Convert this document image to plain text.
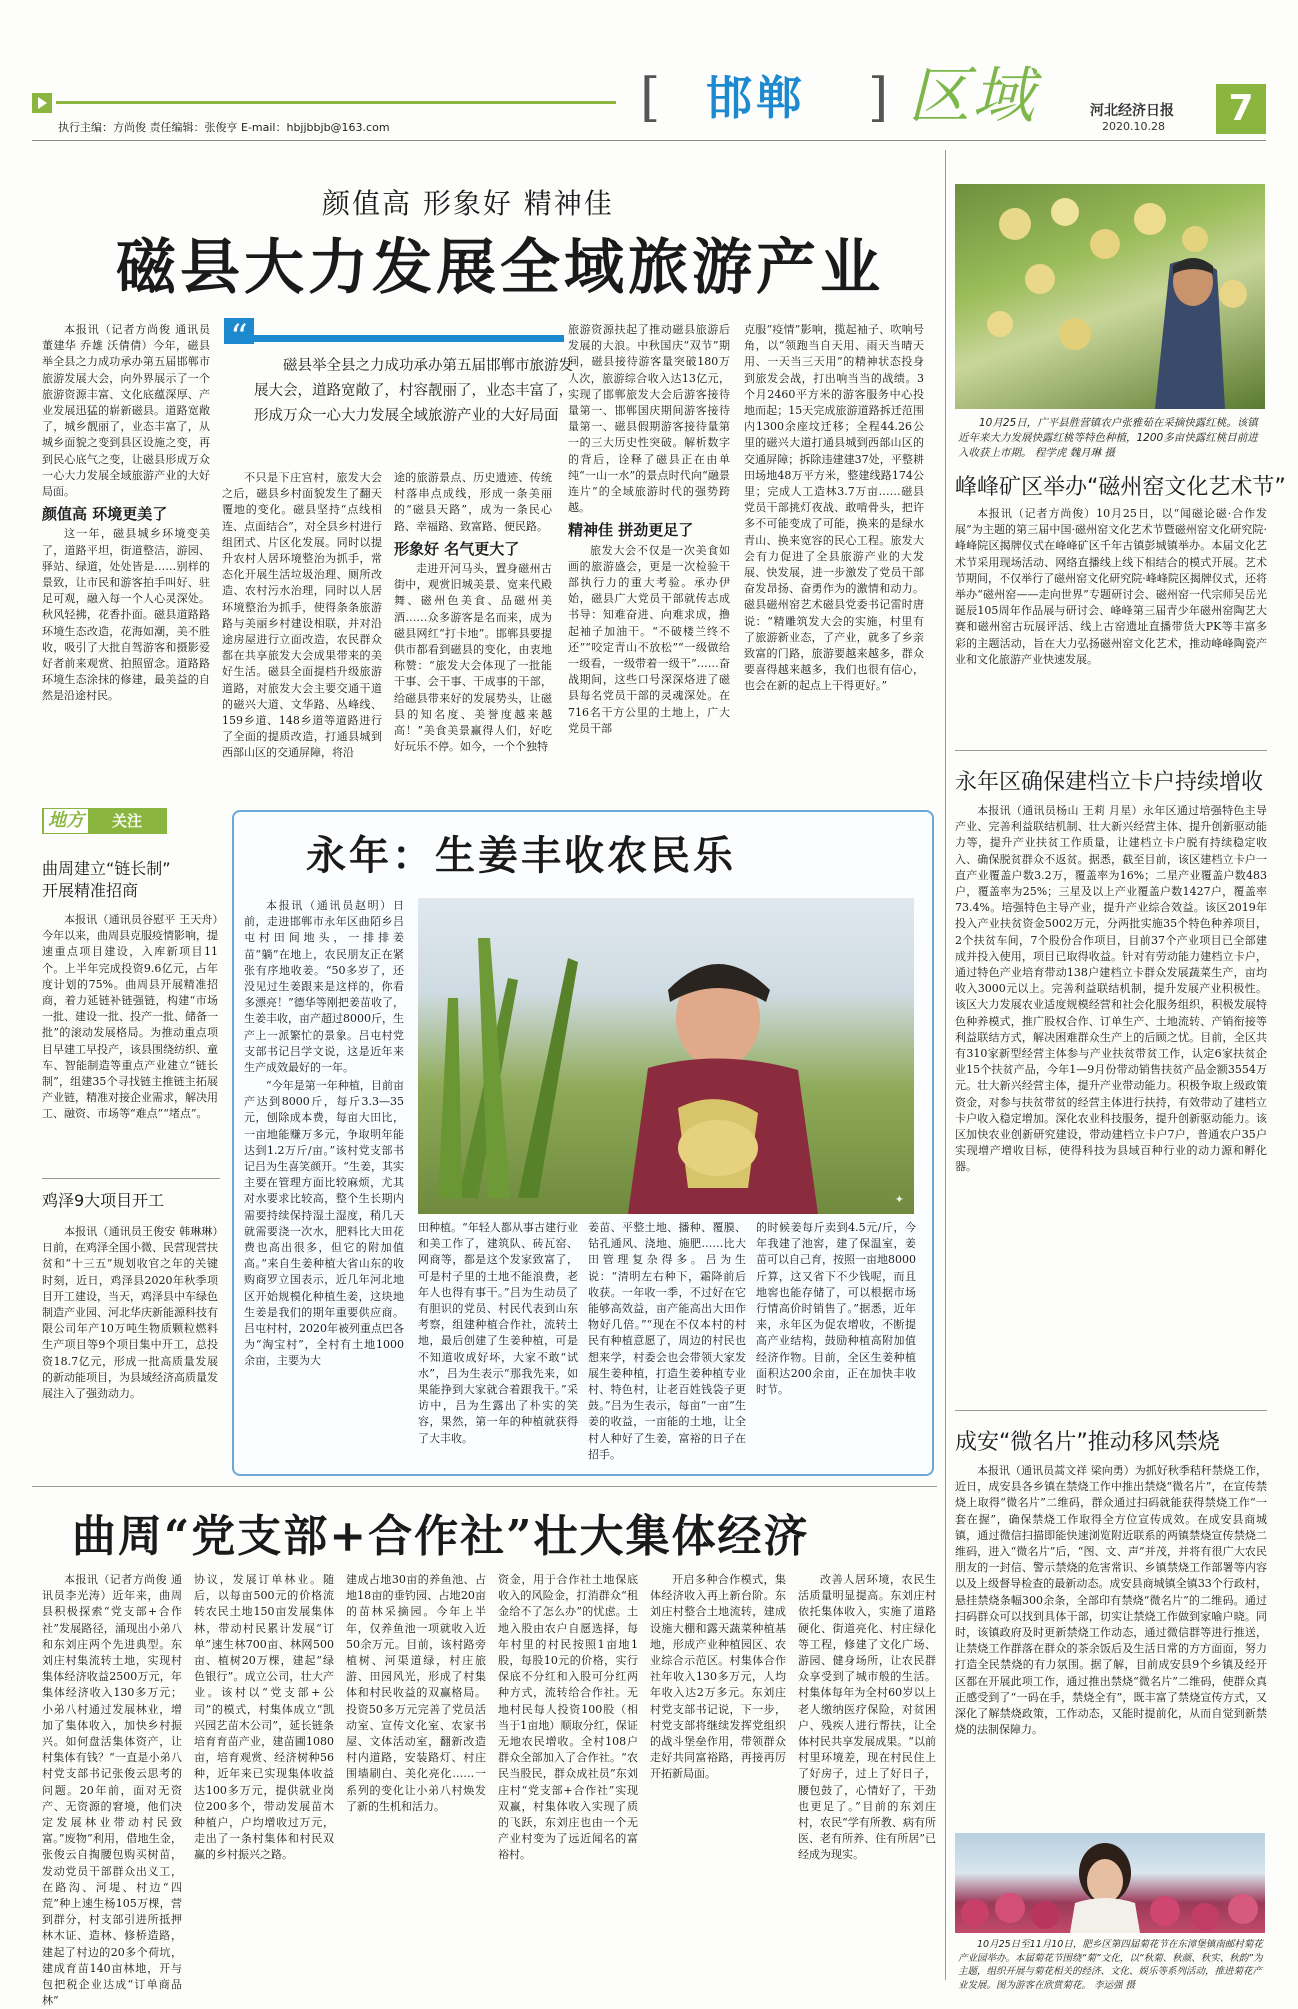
执行主编：方尚俊 责任编辑：张俊亨 E-mail：hbjjbbjb@163.com	[ 邯郸 ] 区域	河北经济日报
2020.10.28	7
颜值高 形象好 精神佳
磁县大力发展全域旅游产业
“
磁县举全县之力成功承办第五届邯郸市旅游发展大会，道路宽敞了，村容靓丽了，业态丰富了，形成万众一心大力发展全域旅游产业的大好局面

本报讯（记者方尚俊 通讯员 董建华 乔雄 沃倩倩）今年，磁县举全县之力成功承办第五届邯郸市旅游发展大会，向外界展示了一个旅游资源丰富、文化底蕴深厚、产业发展迅猛的崭新磁县。道路宽敞了，城乡靓丽了，业态丰富了，从城乡面貌之变到县区设施之变，再到民心底气之变，让磁县形成万众一心大力发展全域旅游产业的大好局面。

颜值高 环境更美了

这一年，磁县城乡环境变美了，道路平坦，街道整洁，游园、驿站、绿道，处处皆是……别样的景致，让市民和游客拍手叫好、驻足可观，融入每一个人心灵深处。秋风轻拂，花香扑面。磁县道路路环境生态改造，花海如潮，美不胜收，吸引了大批自驾游客和摄影爱好者前来观赏、拍照留念。道路路环境生态涂抹的修建，最美益的自然是沿途村民。

不只是下庄宫村，旅发大会之后，磁县乡村面貌发生了翻天覆地的变化。磁县坚持“点线相连、点面结合”，对全县乡村进行组团式、片区化发展。同时以提升农村人居环境整治为抓手，常态化开展生活垃圾治理、厕所改造、农村污水治理，同时以人居环境整治为抓手，使得条条旅游路与美丽乡村建设相联，并对沿途房屋进行立面改造，农民群众都在共享旅发大会成果带来的美好生活。磁县全面提档升级旅游道路，对旅发大会主要交通干道的磁兴大道、文华路、丛峰线、159乡道、148乡道等道路进行了全面的提质改造，打通县城到西部山区的交通屏障，将沿

途的旅游景点、历史遗迹、传统村落串点成线，形成一条美丽的“磁县天路”，成为一条民心路、幸福路、致富路、便民路。

形象好 名气更大了

走进开河马头，置身磁州古街中，观赏旧城美景、宽来代殿舞、磁州色美食、品磁州美酒……众多游客是名而来，成为磁县网红“打卡地”。邯郸县要提供市都看到磁县的变化，由衷地称赞：“旅发大会体现了一批能干事、会干事、干成事的干部，给磁县带来好的发展势头，让磁县的知名度、美誉度越来越高！”美食美景赢得人们，好吃好玩乐不停。如今，一个个独特

旅游资源扶起了推动磁县旅游后发展的大浪。中秋国庆“双节”期间，磁县接待游客量突破180万人次，旅游综合收入达13亿元，实现了邯郸旅发大会后游客接待量第一、邯郸国庆期间游客接待量第一、磁县假期游客接待量第一的三大历史性突破。解析数字的背后，诠释了磁县正在由单纯“一山一水”的景点时代向“融景连片”的全域旅游时代的强势跨越。

精神佳 拼劲更足了

旅发大会不仅是一次美食如画的旅游盛会，更是一次检验干部执行力的重大考验。承办伊始，磁县广大党员干部就传志成书导：知难奋进、向难求成，撸起袖子加油干。“不破楼兰终不还”“咬定青山不放松”“一级做给一级看，一级带着一级干”……奋战期间，这些口号深深烙进了磁县每名党员干部的灵魂深处。在716名干方公里的土地上，广大党员干部

克服“疫情”影响，揽起袖子、吹响号角，以“领跑当自天用、雨天当晴天用、一天当三天用”的精神状态投身到旅发会战，打出响当当的战绩。3个月2460平方米的游客服务中心投地而起；15天完成旅游道路拆迁范围内1300余座坟迁移；全程44.26公里的磁兴大道打通县城到西部山区的交通屏障；拆除违建建37处，平整耕田场地48万平方米，整建线路174公里；完成人工造林3.7万亩……磁县党员干部挑灯夜战、敢啃骨头，把许多不可能变成了可能，换来的是绿水青山、换来宽容的民心工程。旅发大会有力促进了全县旅游产业的大发展、快发展，进一步激发了党员干部奋发昂扬、奋勇作为的激情和动力。磁县磁州窑艺术磁县党委书记雷时唐说：“精雕筑发大会的实施，村里有了旅游新业态，了产业，就多了乡亲致富的门路，旅游要越来越多，群众要喜得越来越多，我们也很有信心，也会在新的起点上干得更好。”

10月25日，广平县胜营镇农户张雅茹在采摘快露红桃。该镇近年来大力发展快露红桃等特色种植，1200多亩快露红桃目前进入收获上市期。 程学虎 魏月琳 摄
峰峰矿区举办“磁州窑文化艺术节”

本报讯（记者方尚俊）10月25日，以“闻磁论磁·合作发展”为主题的第三届中国·磁州窑文化艺术节暨磁州窑文化研究院·峰峰院区揭牌仪式在峰峰矿区千年古镇彭城镇举办。本届文化艺术节采用现场活动、网络直播线上线下相结合的模式开展。艺术节期间，不仅举行了磁州窑文化研究院·峰峰院区揭牌仪式，还将举办“磁州窑——走向世界”专题研讨会、磁州窑一代宗师吴岳光诞辰105周年作品展与研讨会、峰峰第三届青少年磁州窑陶艺大赛和磁州窑古玩展评活、线上古窑遗址直播带货大PK等丰富多彩的主题活动，旨在大力弘扬磁州窑文化艺术，推动峰峰陶瓷产业和文化旅游产业快速发展。

永年区确保建档立卡户持续增收

本报讯（通讯员杨山 王莉 月星）永年区通过培强特色主导产业、完善利益联结机制、壮大新兴经营主体、提升创新驱动能力等，提升产业扶贫工作质量，让建档立卡户脱有持续稳定收入、确保脱贫群众不返贫。据悉，截至目前，该区建档立卡户一直产业覆盖户数3.2万，覆盖率为16%；二星产业覆盖户数483户，覆盖率为25%；三星及以上产业覆盖户数1427户，覆盖率73.4%。培强特色主导产业，提升产业综合效益。该区2019年投入产业扶贫资金5002万元，分两批实施35个特色种养项目，2个扶贫车间，7个股份合作项目，目前37个产业项目已全部建成并投入使用，项目已取得收益。针对有劳动能力建档立卡户，通过特色产业培育带动138户建档立卡群众发展蔬菜生产，亩均收入3000元以上。完善利益联结机制，提升发展产业积极性。该区大力发展农业适度规模经营和社会化服务组织，积极发展特色种养模式，推广股权合作、订单生产、土地流转、产销衔接等利益联结方式，解决困难群众生产上的后顾之忧。目前，全区共有310家新型经营主体参与产业扶贫带贫工作，认定6家扶贫企业15个扶贫产品，今年1—9月份带动销售扶贫产品金额3554万元。壮大新兴经营主体，提升产业带动能力。积极争取上级政策资金，对参与扶贫带贫的经营主体进行扶持，有效带动了建档立卡户收入稳定增加。深化农业科技服务，提升创新驱动能力。该区加快农业创新研究建设，带动建档立卡户7户，普通农户35户实现增产增收目标，使得科技为县域百种行业的动力源和孵化器。

成安“微名片”推动移风禁烧

本报讯（通讯员蒿文祥 梁向勇）为抓好秋季秸秆禁烧工作，近日，成安县各乡镇在禁烧工作中推出禁烧“微名片”，在宣传禁烧上取得“微名片”二维码，群众通过扫码就能获得禁烧工作“一套在握”，确保禁烧工作取得全方位宣传成效。在成安县商城镇，通过微信扫描即能快速浏览附近联系的两镇禁烧宣传禁烧二维码，进入“微名片”后，“图、文、声”并茂，并将有很广大农民朋友的一封信、警示禁烧的危害常识、乡镇禁烧工作部署等内容以及上级督导检查的最新动态。成安县商城镇全镇33个行政村，悬挂禁烧条幅300余条，全部印有禁烧“微名片”的二维码。通过扫码群众可以找到具体干部，切实让禁烧工作做到家喻户晓。同时，该镇政府及时更新禁烧工作动态，通过微信群等进行推送，让禁烧工作群落在群众的茶余饭后及生活日常的方方面面，努力打造全民禁烧的有力氛围。据了解，目前成安县9个乡镇及经开区都在开展此项工作，通过推出禁烧“微名片”二维码，使群众真正感受到了“一码在手，禁烧全有”，既丰富了禁烧宣传方式，又深化了解禁烧政策，工作动态，又能时提前化，从而自觉到新禁烧的法制保障力。

10月25日至11月10日，肥乡区第四届菊花节在东漳堡镇南邮村菊花产业园举办。本届菊花节围绕“菊”文化，以“秋菊、秋颜、秋实、秋韵”为主题，组织开展与菊花相关的经济、文化、娱乐等系列活动，推进菊花产业发展。图为游客在欣赏菊花。 李运强 摄
地方 关注
曲周建立“链长制”
开展精准招商

本报讯（通讯员谷慰平 王天舟）今年以来，曲周县克服疫情影响，提速重点项目建设，入库新项目11个。上半年完成投资9.6亿元，占年度计划的75%。曲周县开展精准招商，着力延链补链强链，构建“市场一批、建设一批、投产一批、储备一批”的滚动发展格局。为推动重点项目早建工早投产，该县围绕纺织、童车、智能制造等重点产业建立“链长制”，组建35个寻找链主推链主拓展产业链，精准对接企业需求，解决用工、融资、市场等“难点”“堵点”。

鸡泽9大项目开工

本报讯（通讯员王俊安 韩琳琳）日前，在鸡泽全国小微、民营现营扶贫和“十三五”规划收官之年的关键时刻，近日，鸡泽县2020年秋季项目开工建设，当天，鸡泽县中车绿色制造产业园、河北华庆新能源科技有限公司年产10万吨生物质颗粒燃料生产项目等9个项目集中开工，总投资18.7亿元，形成一批高质量发展的新动能项目，为县域经济高质量发展注入了强劲动力。

永年：生姜丰收农民乐

本报讯（通讯员赵明）日前，走进邯郸市永年区曲陌乡吕屯村田间地头，一排排姜苗“躺”在地上，农民朋友正在紧张有序地收姜。“50多岁了，还没见过生姜跟来是这样的，你看多漂亮！”德华等刚把姜苗收了，生姜丰收，亩产超过8000斤，生产上一派繁忙的景象。吕屯村党支部书记吕学文说，这是近年来生产成效最好的一年。

✦

“今年是第一年种植，目前亩产达到8000斤，每斤3.3—35元，刨除成本费，每亩大田比，一亩地能赚万多元，争取明年能达到1.2万斤/亩。”该村党支部书记吕为生喜笑颜开。“生姜，其实主要在管理方面比较麻烦，尤其对水要求比较高，整个生长期内需要持续保持湿土湿度，稍几天就需要浇一次水，肥料比大田花费也高出很多，但它的附加值高。”来自生姜种植大省山东的收购商罗立国表示，近几年河北地区开始规模化种植生姜，这块地生姜是我们的期年重要供应商。吕屯村村，2020年被列重点巴各为“淘宝村”，全村有土地1000余亩，主要为大

田种植。“年轻人都从事古建行业和美工作了，建筑队、砖瓦窑、网商等，都是这个发家致富了，可是村子里的土地不能浪费，老年人也得有事干。”吕为生动员了有胆识的党员、村民代表到山东考察，组建种植合作社，流转土地，最后创建了生姜种植，可是不知道收成好坏，大家不敢“试水”，吕为生表示“那我先来，如果能挣到大家就合着跟我干。”采访中，吕为生露出了朴实的笑容，果然，第一年的种植就获得了大丰收。

姜苗、平整土地、播种、覆膜、钻孔通风、浇地、施肥……比大田管理复杂得多。吕为生说：“清明左右种下，霜降前后收获。一年收一季，不过好在它能够高效益，亩产能高出大田作物好几倍。”“现在不仅本村的村民有种植意愿了，周边的村民也想来学，村委会也会带领大家发展生姜种植，打造生姜种植专业村、特色村，让老百姓钱袋子更鼓。”吕为生表示，每亩“一亩”生姜的收益，一亩能的土地，让全村人种好了生姜，富裕的日子在招手。

的时候姜每斤卖到4.5元/斤，今年我建了池窖，建了保温室，姜苗可以自己育，按照一亩地8000斤算，这又省下不少钱呢，而且地窖也能存储了，可以根据市场行情高价时销售了。”据悉，近年来，永年区为促农增收，不断提高产业结构，鼓励种植高附加值经济作物。目前，全区生姜种植面积达200余亩，正在加快丰收时节。

曲周“党支部+合作社”壮大集体经济

本报讯（记者方尚俊 通讯员李光涛）近年来，曲周县积极探索“党支部+合作社”发展路径，涌现出小弟八和东刘庄两个先进典型。东刘庄村集流转土地，实现村集体经济收益2500万元，年集体经济收入130多万元；小弟八村通过发展林业，增加了集体收入，加快乡村振兴。如何盘活集体资产，让村集体有钱？“一直是小弟八村党支部书记张俊云思考的问题。20年前，面对无资产、无资源的窘境，他们决定发展林业带动村民致富。”废物”利用，借地生金，张俊云自掏腰包购买树苗，发动党员干部群众出义工，在路沟、河堤、村边“四荒”种上速生杨105万棵，营到群分，村支部引进所抵押林木证、造林、修桥造路，建起了村边的20多个荷坑，建成育苗140亩林地，开与包把税企业达成“订单商品林”

协议，发展订单林业。随后，以每亩500元的价格流转农民土地150亩发展集体林，带动村民累计发展“订单”速生林700亩、林网500亩、植树20万棵，建起“绿色银行”。成立公司，壮大产业。该村以“党支部+公司”的模式，村集体成立“凯兴园艺苗木公司”，延长链条培育育苗产业，建苗圃1080亩，培育观赏、经济树种56种，近年来已实现集体收益达100多万元，提供就业岗位200多个，带动发展苗木种植户，户均增收过万元，走出了一条村集体和村民双赢的乡村振兴之路。

建成占地30亩的养鱼池、占地18亩的垂钓园、占地20亩的苗林采摘园。今年上半年，仅养鱼池一项就收入近50余万元。目前，该村路旁植树、河渠道绿，村庄旅游、田园风光，形成了村集体和村民收益的双赢格局。投资50多万元完善了党员活动室、宣传文化室、农家书屋、文体活动室，翻新改造村内道路，安装路灯、村庄围墙刷白、美化亮化……一系列的变化让小弟八村焕发了新的生机和活力。

资金，用于合作社土地保底收入的风险金，打消群众“租金给不了怎么办”的忧虑。土地入股由农户自愿选择，每年村里的村民按照1亩地1股，每股10元的价格，实行保底不分红和入股可分红两种方式，流转给合作社。无地村民每人投资100股（相当于1亩地）顺取分红，保证无地农民增收。全村108户群众全部加入了合作社。“农民当股民，群众成社员”东刘庄村“党支部+合作社”实现双赢，村集体收入实现了质的飞跃，东刘庄也由一个无产业村变为了远近闻名的富裕村。

开启多种合作模式，集体经济收入再上新台阶。东刘庄村整合土地流转，建成设施大棚和露天蔬菜种植基地，形成产业种植园区、农业综合示范区。村集体合作社年收入130多万元，人均年收入达2万多元。东刘庄村党支部书记说，下一步，村党支部将继续发挥党组织的战斗堡垒作用，带领群众走好共同富裕路，再接再厉开拓新局面。

改善人居环境，农民生活质量明显提高。东刘庄村依托集体收入，实施了道路硬化、街道亮化、村庄绿化等工程，修建了文化广场、游园、健身场所，让农民群众享受到了城市般的生活。村集体每年为全村60岁以上老人缴纳医疗保险，对贫困户、残疾人进行帮扶，让全体村民共享发展成果。“以前村里环境差，现在村民住上了好房子，过上了好日子，腰包鼓了，心情好了，干劲也更足了。”目前的东刘庄村，农民“学有所教、病有所医、老有所养、住有所居”已经成为现实。
